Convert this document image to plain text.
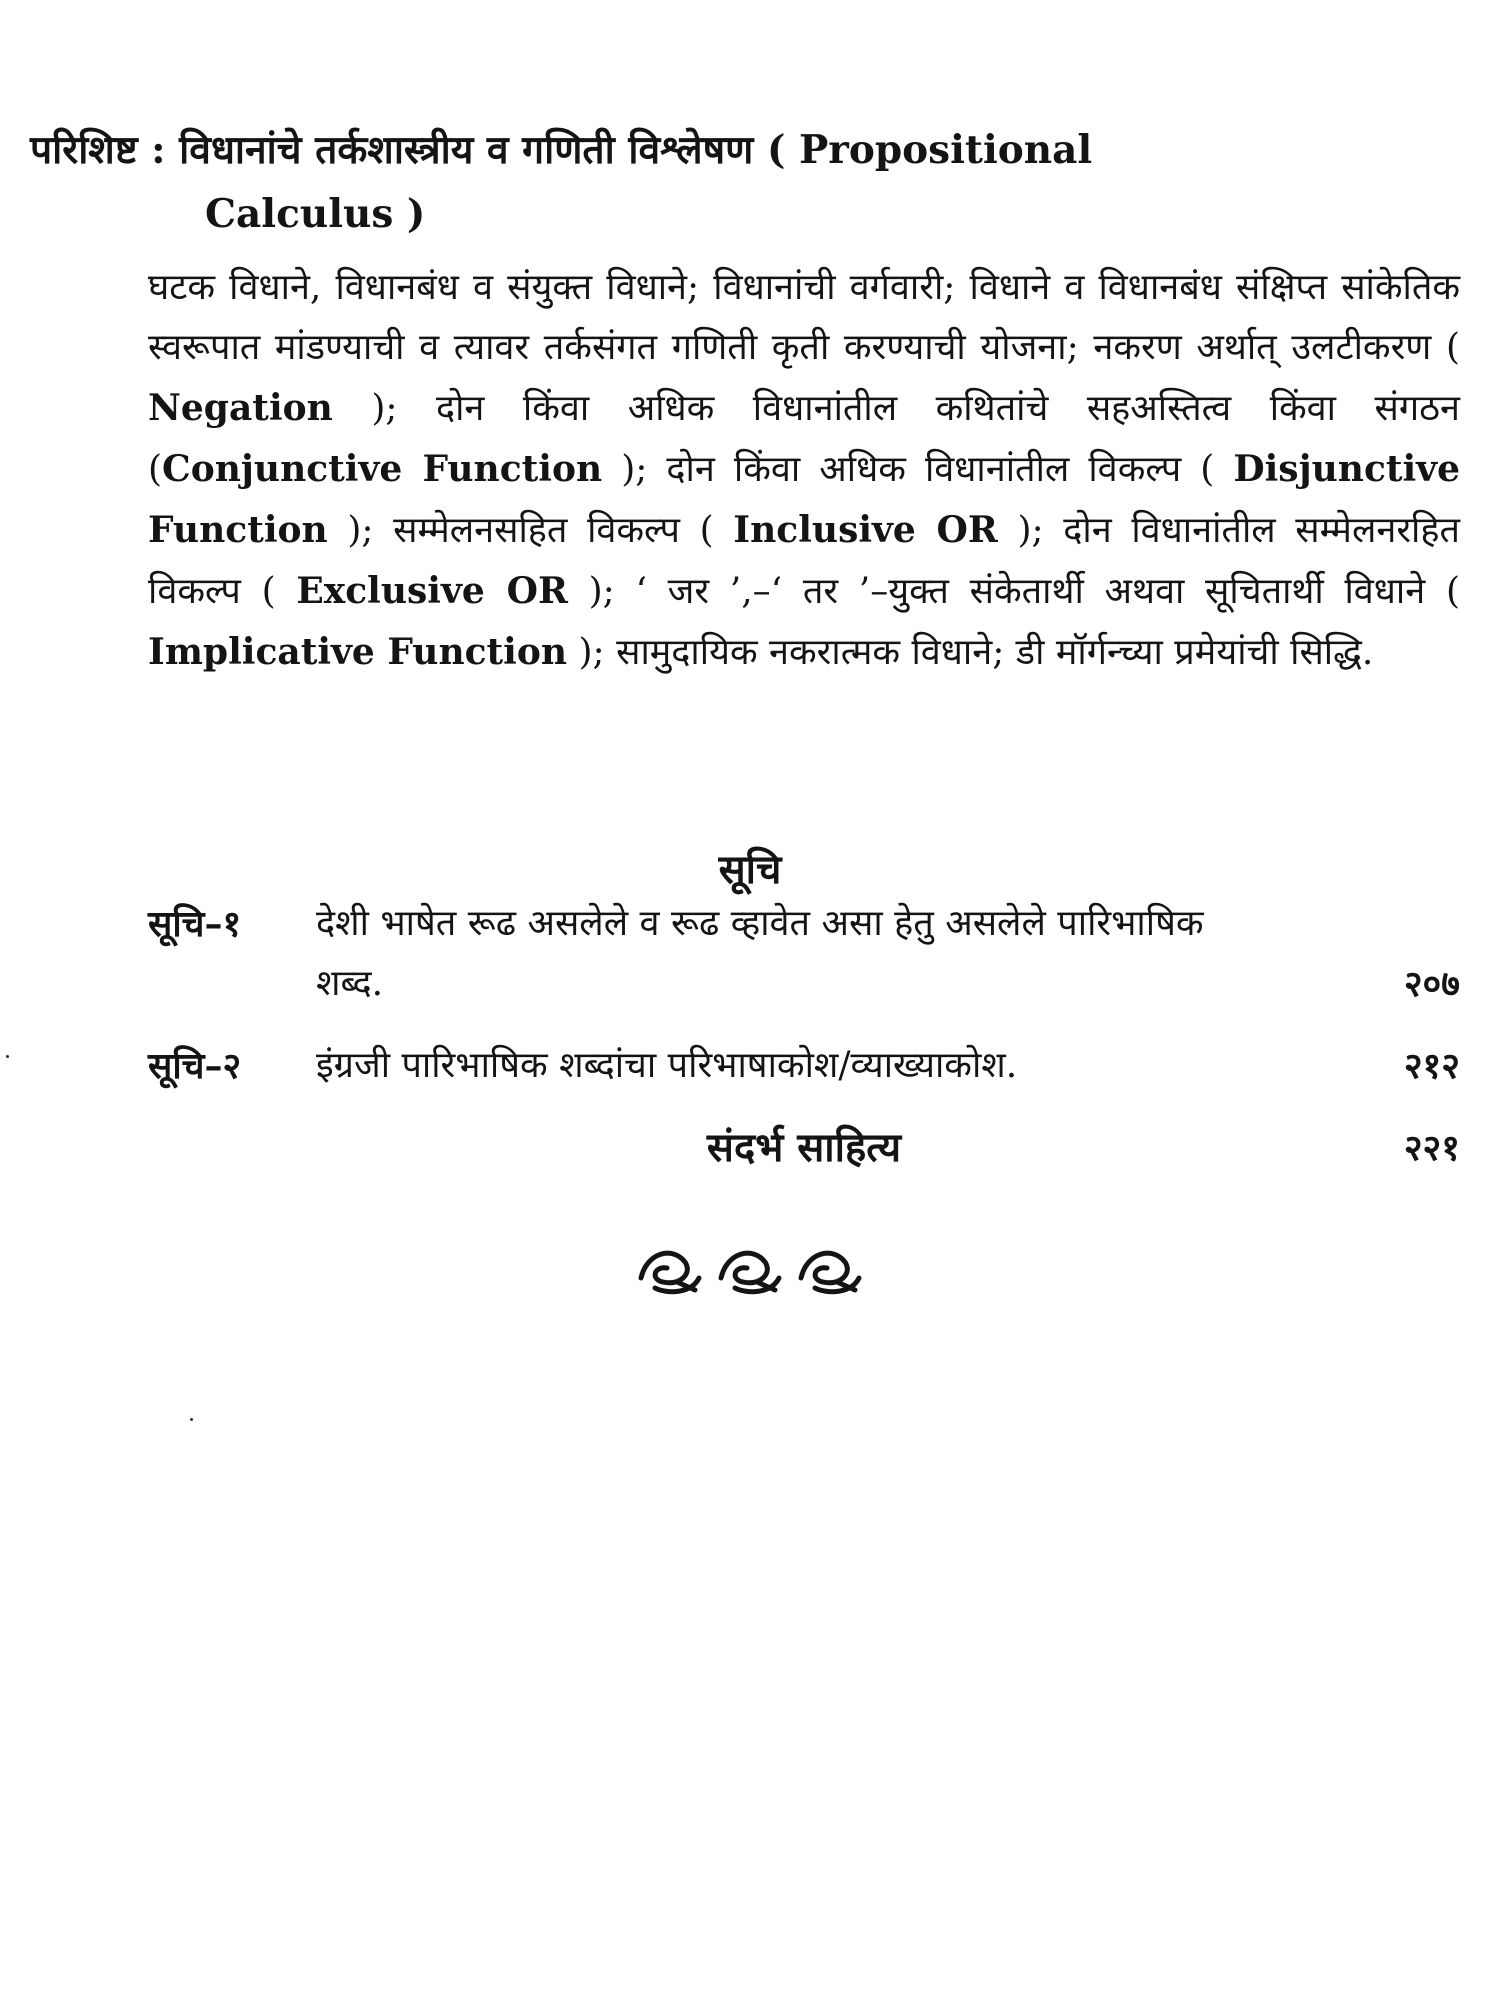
परिशिष्ट : विधानांचे तर्कशास्त्रीय व गणिती विश्लेषण ( Propositional
Calculus )
घटक विधाने, विधानबंध व संयुक्त विधाने; विधानांची वर्गवारी; विधाने व विधानबंध संक्षिप्त सांकेतिक स्वरूपात मांडण्याची व त्यावर तर्कसंगत गणिती कृती करण्याची योजना; नकरण अर्थात् उलटीकरण ( Negation ); दोन किंवा अधिक विधानांतील कथितांचे सहअस्तित्व किंवा संगठन (Conjunctive Function ); दोन किंवा अधिक विधानांतील विकल्प ( Disjunctive Function ); सम्मेलनसहित विकल्प ( Inclusive OR ); दोन विधानांतील सम्मेलनरहित विकल्प ( Exclusive OR ); ‘ जर ’,–‘ तर ’–युक्त संकेतार्थी अथवा सूचितार्थी विधाने ( Implicative Function ); सामुदायिक नकरात्मक विधाने; डी मॉर्गन्च्या प्रमेयांची सिद्धि.
सूचि
सूचि–१ देशी भाषेत रूढ असलेले व रूढ व्हावेत असा हेतु असलेले पारिभाषिक शब्द.	२०७
सूचि–२ इंग्रजी पारिभाषिक शब्दांचा परिभाषाकोश/व्याख्याकोश.	२१२
संदर्भ साहित्य	२२१
